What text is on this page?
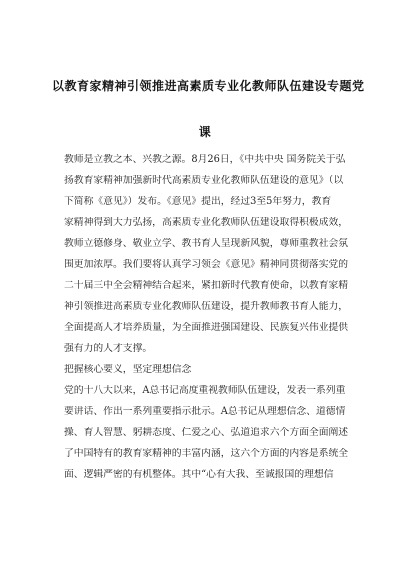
以教育家精神引领推进高素质专业化教师队伍建设专题党
课
教师是立教之本、兴教之源。8月26日，《中共中央 国务院关于弘
扬教育家精神加强新时代高素质专业化教师队伍建设的意见》（以
下简称《意见》）发布。《意见》提出，经过3至5年努力，教育
家精神得到大力弘扬，高素质专业化教师队伍建设取得积极成效，
教师立德修身、敬业立学、教书育人呈现新风貌，尊师重教社会氛
围更加浓厚。我们要将认真学习领会《意见》精神同贯彻落实党的
二十届三中全会精神结合起来，紧扣新时代教育使命，以教育家精
神引领推进高素质专业化教师队伍建设，提升教师教书育人能力，
全面提高人才培养质量，为全面推进强国建设、民族复兴伟业提供
强有力的人才支撑。
把握核心要义，坚定理想信念
党的十八大以来，A总书记高度重视教师队伍建设，发表一系列重
要讲话、作出一系列重要指示批示。A总书记从理想信念、道德情
操、育人智慧、躬耕态度、仁爱之心、弘道追求六个方面全面阐述
了中国特有的教育家精神的丰富内涵，这六个方面的内容是系统全
面、逻辑严密的有机整体。其中“心有大我、至诚报国的理想信
